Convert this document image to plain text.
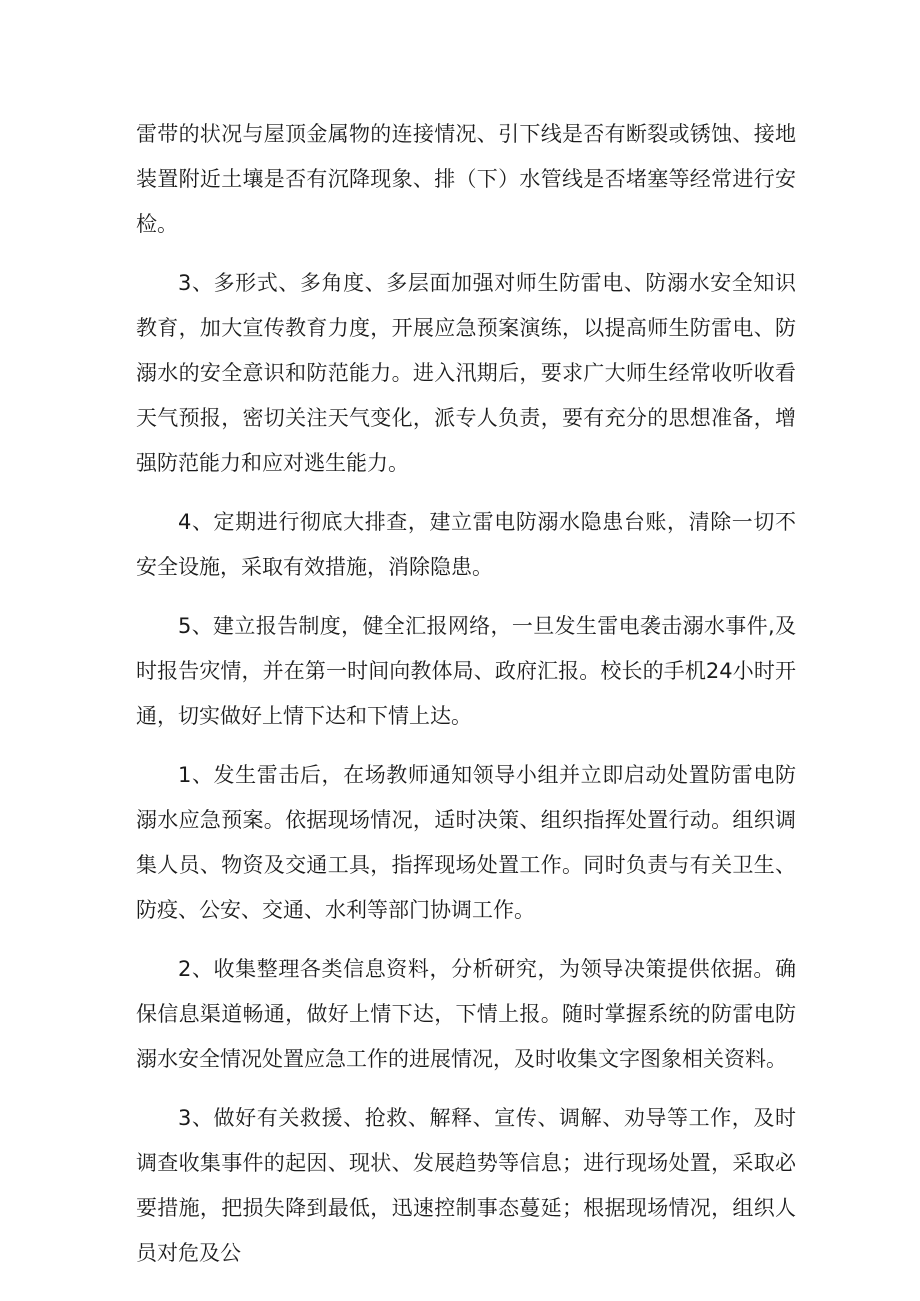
雷带的状况与屋顶金属物的连接情况、引下线是否有断裂或锈蚀、接地装置附近土壤是否有沉降现象、排（下）水管线是否堵塞等经常进行安检。

3、多形式、多角度、多层面加强对师生防雷电、防溺水安全知识教育，加大宣传教育力度，开展应急预案演练，以提高师生防雷电、防溺水的安全意识和防范能力。进入汛期后，要求广大师生经常收听收看天气预报，密切关注天气变化，派专人负责，要有充分的思想准备，增强防范能力和应对逃生能力。

4、定期进行彻底大排查，建立雷电防溺水隐患台账，清除一切不安全设施，采取有效措施，消除隐患。

5、建立报告制度，健全汇报网络，一旦发生雷电袭击溺水事件,及时报告灾情，并在第一时间向教体局、政府汇报。校长的手机24小时开通，切实做好上情下达和下情上达。

1、发生雷击后，在场教师通知领导小组并立即启动处置防雷电防溺水应急预案。依据现场情况，适时决策、组织指挥处置行动。组织调集人员、物资及交通工具，指挥现场处置工作。同时负责与有关卫生、防疫、公安、交通、水利等部门协调工作。

2、收集整理各类信息资料，分析研究，为领导决策提供依据。确保信息渠道畅通，做好上情下达，下情上报。随时掌握系统的防雷电防溺水安全情况处置应急工作的进展情况，及时收集文字图象相关资料。

3、做好有关救援、抢救、解释、宣传、调解、劝导等工作，及时调查收集事件的起因、现状、发展趋势等信息；进行现场处置，采取必要措施，把损失降到最低，迅速控制事态蔓延；根据现场情况，组织人员对危及公
